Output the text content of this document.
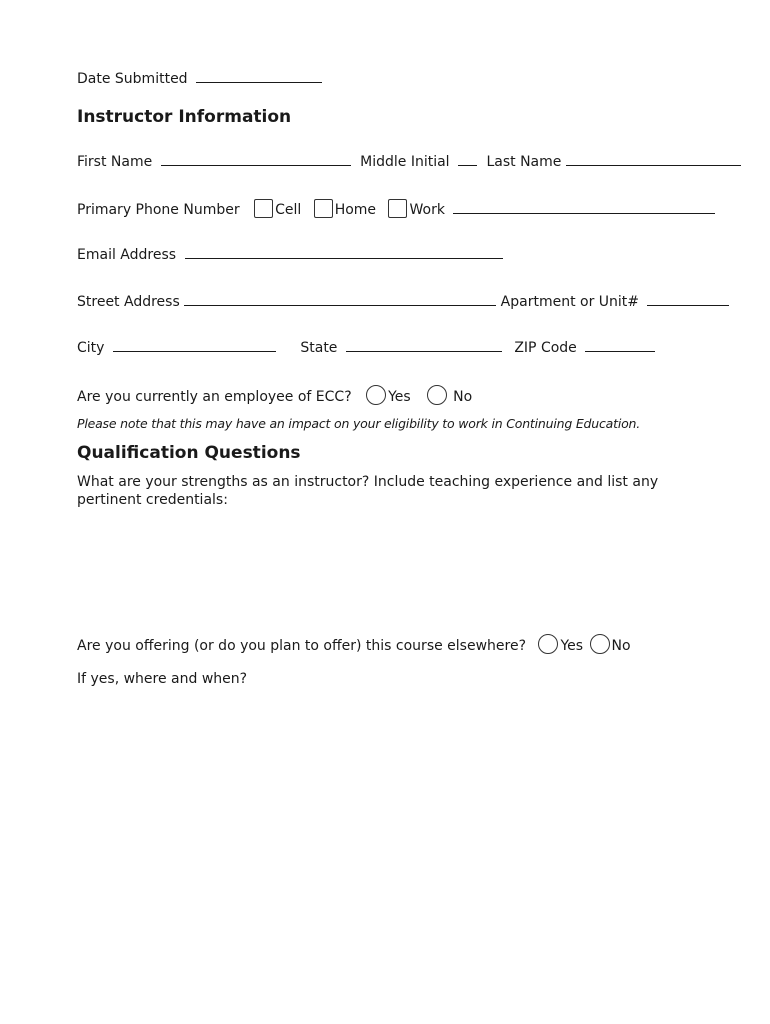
Date Submitted
Instructor Information
First Name	Middle Initial	Last Name
Primary Phone Number	Cell Home Work
Email Address
Street Address	Apartment or Unit#
City	State	ZIP Code
Are you currently an employee of ECC?	Yes	No
Please note that this may have an impact on your eligibility to work in Continuing Education.
Qualification Questions
What are your strengths as an instructor? Include teaching experience and list any pertinent credentials:
Are you offering (or do you plan to offer) this course elsewhere? Yes No
If yes, where and when?
